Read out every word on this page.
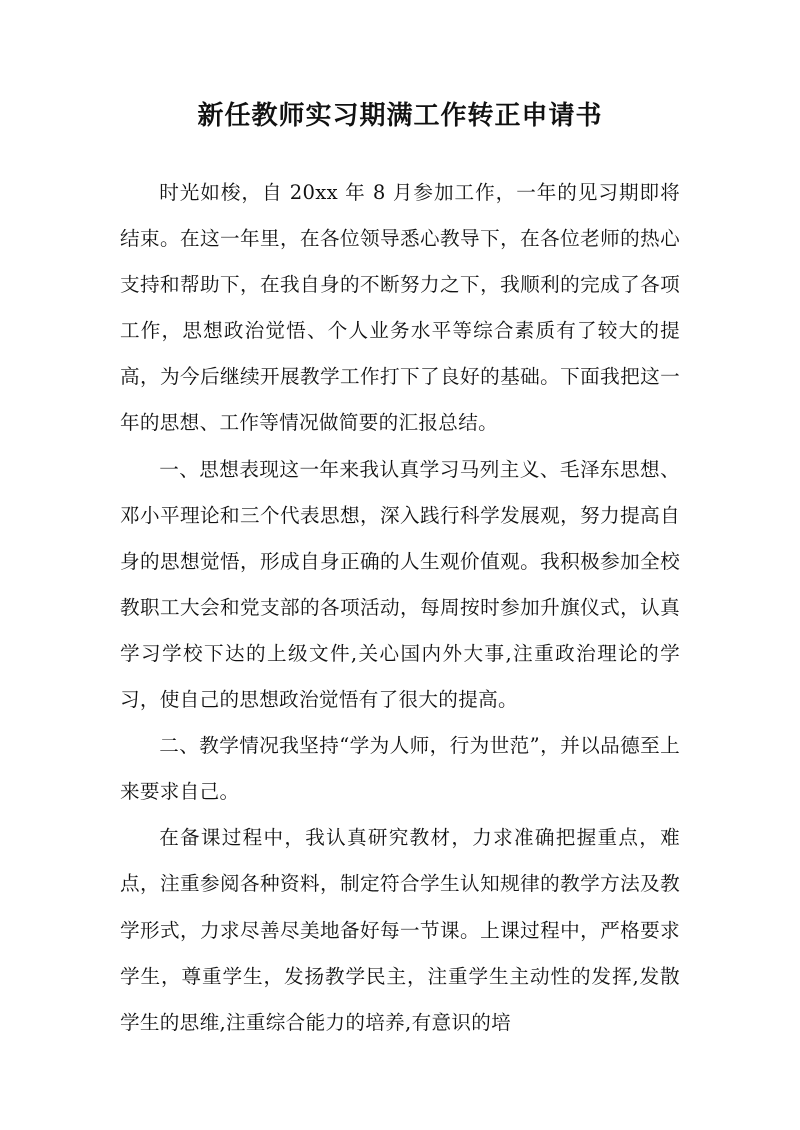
新任教师实习期满工作转正申请书

时光如梭，自 20xx 年 8 月参加工作，一年的见习期即将结束。在这一年里，在各位领导悉心教导下，在各位老师的热心支持和帮助下，在我自身的不断努力之下，我顺利的完成了各项工作，思想政治觉悟、个人业务水平等综合素质有了较大的提高，为今后继续开展教学工作打下了良好的基础。下面我把这一年的思想、工作等情况做简要的汇报总结。

一、思想表现这一年来我认真学习马列主义、毛泽东思想、邓小平理论和三个代表思想，深入践行科学发展观，努力提高自身的思想觉悟，形成自身正确的人生观价值观。我积极参加全校教职工大会和党支部的各项活动，每周按时参加升旗仪式，认真学习学校下达的上级文件,关心国内外大事,注重政治理论的学习，使自己的思想政治觉悟有了很大的提高。

二、教学情况我坚持“学为人师，行为世范”，并以品德至上来要求自己。

在备课过程中，我认真研究教材，力求准确把握重点，难点，注重参阅各种资料，制定符合学生认知规律的教学方法及教学形式，力求尽善尽美地备好每一节课。上课过程中，严格要求学生，尊重学生，发扬教学民主，注重学生主动性的发挥,发散学生的思维,注重综合能力的培养,有意识的培
